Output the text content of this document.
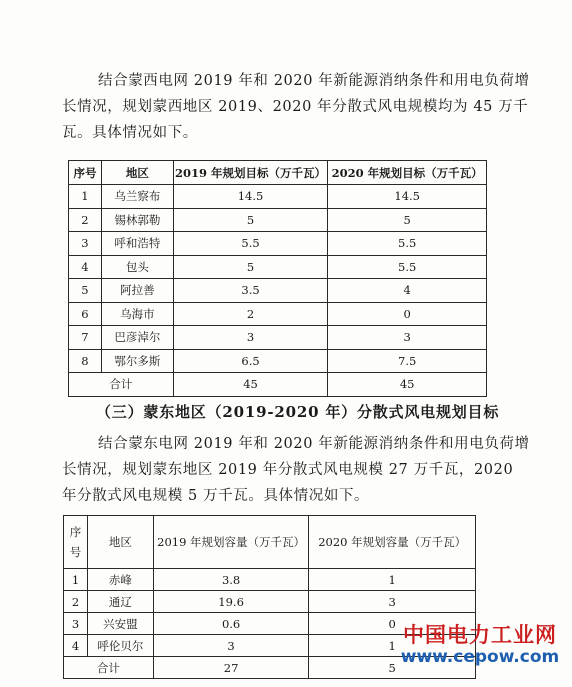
结合蒙西电网 2019 年和 2020 年新能源消纳条件和用电负荷增长情况，规划蒙西地区 2019、2020 年分散式风电规模均为 45 万千瓦。具体情况如下。
序号	地区	2019 年规划目标（万千瓦）	2020 年规划目标（万千瓦）
1	乌兰察布	14.5	14.5
2	锡林郭勒	5	5
3	呼和浩特	5.5	5.5
4	包头	5	5.5
5	阿拉善	3.5	4
6	乌海市	2	0
7	巴彦淖尔	3	3
8	鄂尔多斯	6.5	7.5
合计		45	45
（三）蒙东地区（2019-2020 年）分散式风电规划目标
结合蒙东电网 2019 年和 2020 年新能源消纳条件和用电负荷增长情况，规划蒙东地区 2019 年分散式风电规模 27 万千瓦，2020 年分散式风电规模 5 万千瓦。具体情况如下。
序号	地区	2019 年规划容量（万千瓦）	2020 年规划容量（万千瓦）
1	赤峰	3.8	1
2	通辽	19.6	3
3	兴安盟	0.6	0
4	呼伦贝尔	3	1
合计		27	5
中国电力工业网
www.cepow.com
